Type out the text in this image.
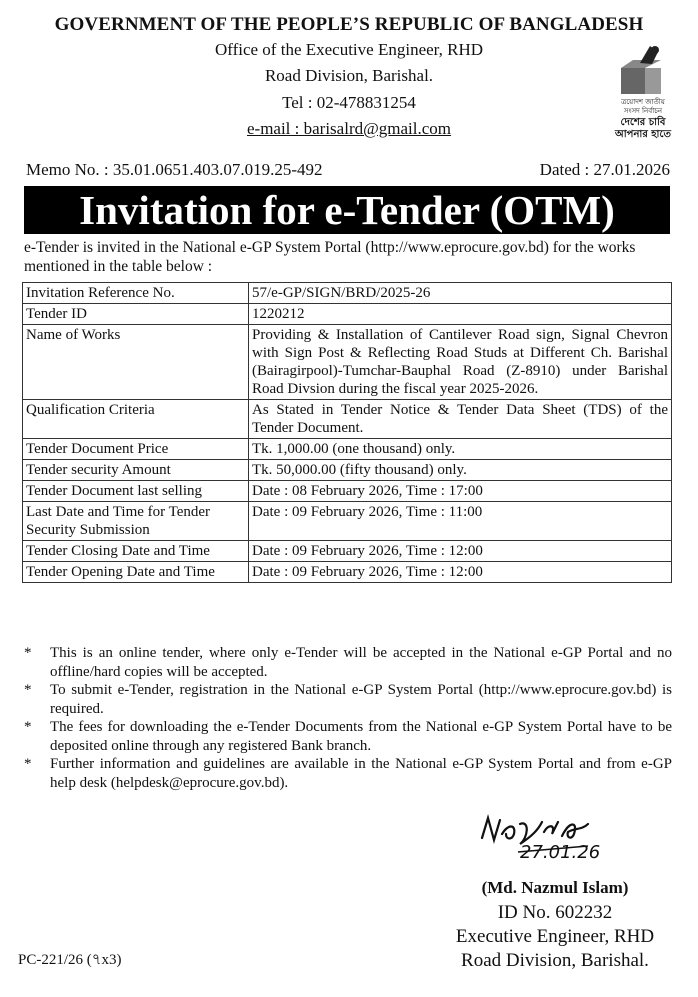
GOVERNMENT OF THE PEOPLE’S REPUBLIC OF BANGLADESH
Office of the Executive Engineer, RHD
Road Division, Barishal.
Tel : 02-478831254
e-mail : barisalrd@gmail.com
ত্রয়োদশ জাতীয়
সংসদ নির্বাচন
দেশের চাবি
আপনার হাতে
Memo No. : 35.01.0651.403.07.019.25-492	Dated : 27.01.2026
Invitation for e-Tender (OTM)
e-Tender is invited in the National e-GP System Portal (http://www.eprocure.gov.bd) for the works mentioned in the table below :
Invitation Reference No.	57/e-GP/SIGN/BRD/2025-26
Tender ID	1220212
Name of Works	Providing & Installation of Cantilever Road sign, Signal Chevron with Sign Post & Reflecting Road Studs at Different Ch. Barishal (Bairagirpool)-Tumchar-Bauphal Road (Z-8910) under Barishal Road Divsion during the fiscal year 2025-2026.
Qualification Criteria	As Stated in Tender Notice & Tender Data Sheet (TDS) of the Tender Document.
Tender Document Price	Tk. 1,000.00 (one thousand) only.
Tender security Amount	Tk. 50,000.00 (fifty thousand) only.
Tender Document last selling	Date : 08 February 2026, Time : 17:00
Last Date and Time for Tender Security Submission	Date : 09 February 2026, Time : 11:00
Tender Closing Date and Time	Date : 09 February 2026, Time : 12:00
Tender Opening Date and Time	Date : 09 February 2026, Time : 12:00
*	This is an online tender, where only e-Tender will be accepted in the National e-GP Portal and no offline/hard copies will be accepted.
*	To submit e-Tender, registration in the National e-GP System Portal (http://www.eprocure.gov.bd) is required.
*	The fees for downloading the e-Tender Documents from the National e-GP System Portal have to be deposited online through any registered Bank branch.
*	Further information and guidelines are available in the National e-GP System Portal and from e-GP help desk (helpdesk@eprocure.gov.bd).
27.01.26
(Md. Nazmul Islam)
ID No. 602232
Executive Engineer, RHD
Road Division, Barishal.
PC-221/26 (৭x3)
